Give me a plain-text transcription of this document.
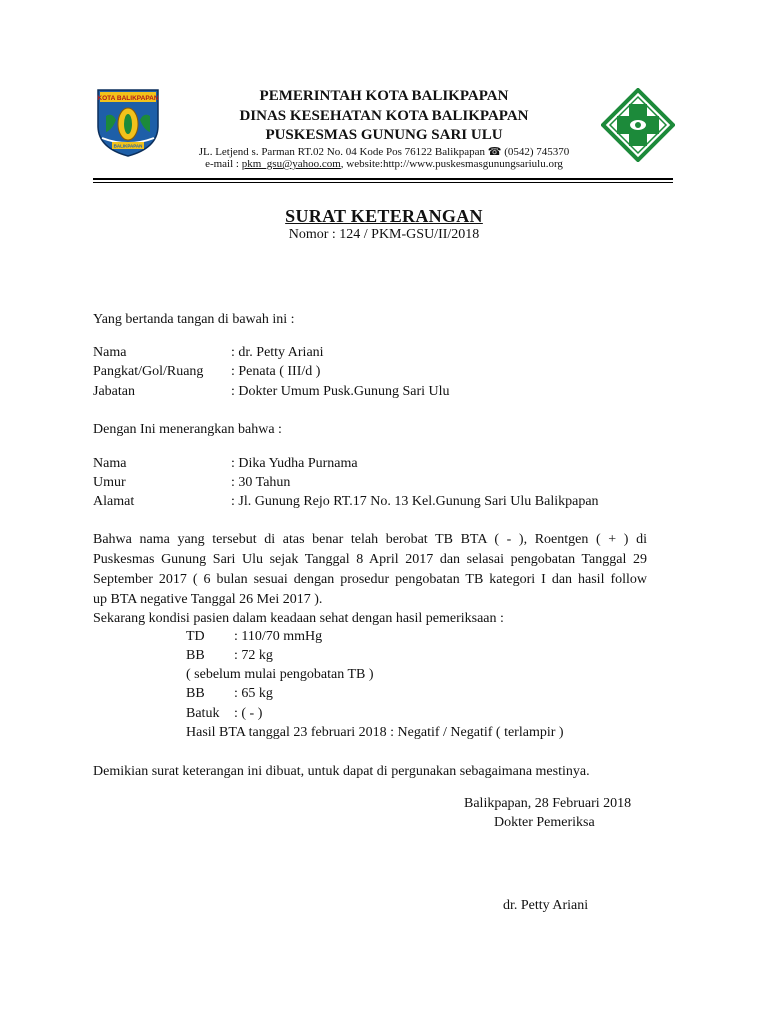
KOTA BALIKPAPAN
BALIKPAPAN
PEMERINTAH KOTA BALIKPAPAN
DINAS KESEHATAN KOTA BALIKPAPAN
PUSKESMAS GUNUNG SARI ULU
JL. Letjend s. Parman RT.02 No. 04 Kode Pos 76122 Balikpapan ☎ (0542) 745370
e-mail : pkm_gsu@yahoo.com, website:http://www.puskesmasgunungsariulu.org
SURAT KETERANGAN
Nomor : 124 / PKM-GSU/II/2018
Yang bertanda tangan di bawah ini :
Nama	: dr. Petty Ariani
Pangkat/Gol/Ruang : Penata ( III/d )
Jabatan	: Dokter Umum Pusk.Gunung Sari Ulu
Dengan Ini menerangkan bahwa :
Nama	: Dika Yudha Purnama
Umur	: 30 Tahun
Alamat	: Jl. Gunung Rejo RT.17 No. 13 Kel.Gunung Sari Ulu Balikpapan
Bahwa nama yang tersebut di atas benar telah berobat TB BTA ( - ), Roentgen ( + ) di
Puskesmas Gunung Sari Ulu sejak Tanggal 8 April 2017 dan selasai pengobatan Tanggal 29
September 2017 ( 6 bulan sesuai dengan prosedur pengobatan TB kategori I dan hasil follow
up BTA negative Tanggal 26 Mei 2017 ).
Sekarang kondisi pasien dalam keadaan sehat dengan hasil pemeriksaan :
TD : 110/70 mmHg
BB : 72 kg
( sebelum mulai pengobatan TB )
BB : 65 kg
Batuk : ( - )
Hasil BTA tanggal 23 februari 2018 : Negatif / Negatif ( terlampir )
Demikian surat keterangan ini dibuat, untuk dapat di pergunakan sebagaimana mestinya.
Balikpapan, 28 Februari 2018
Dokter Pemeriksa
dr. Petty Ariani
